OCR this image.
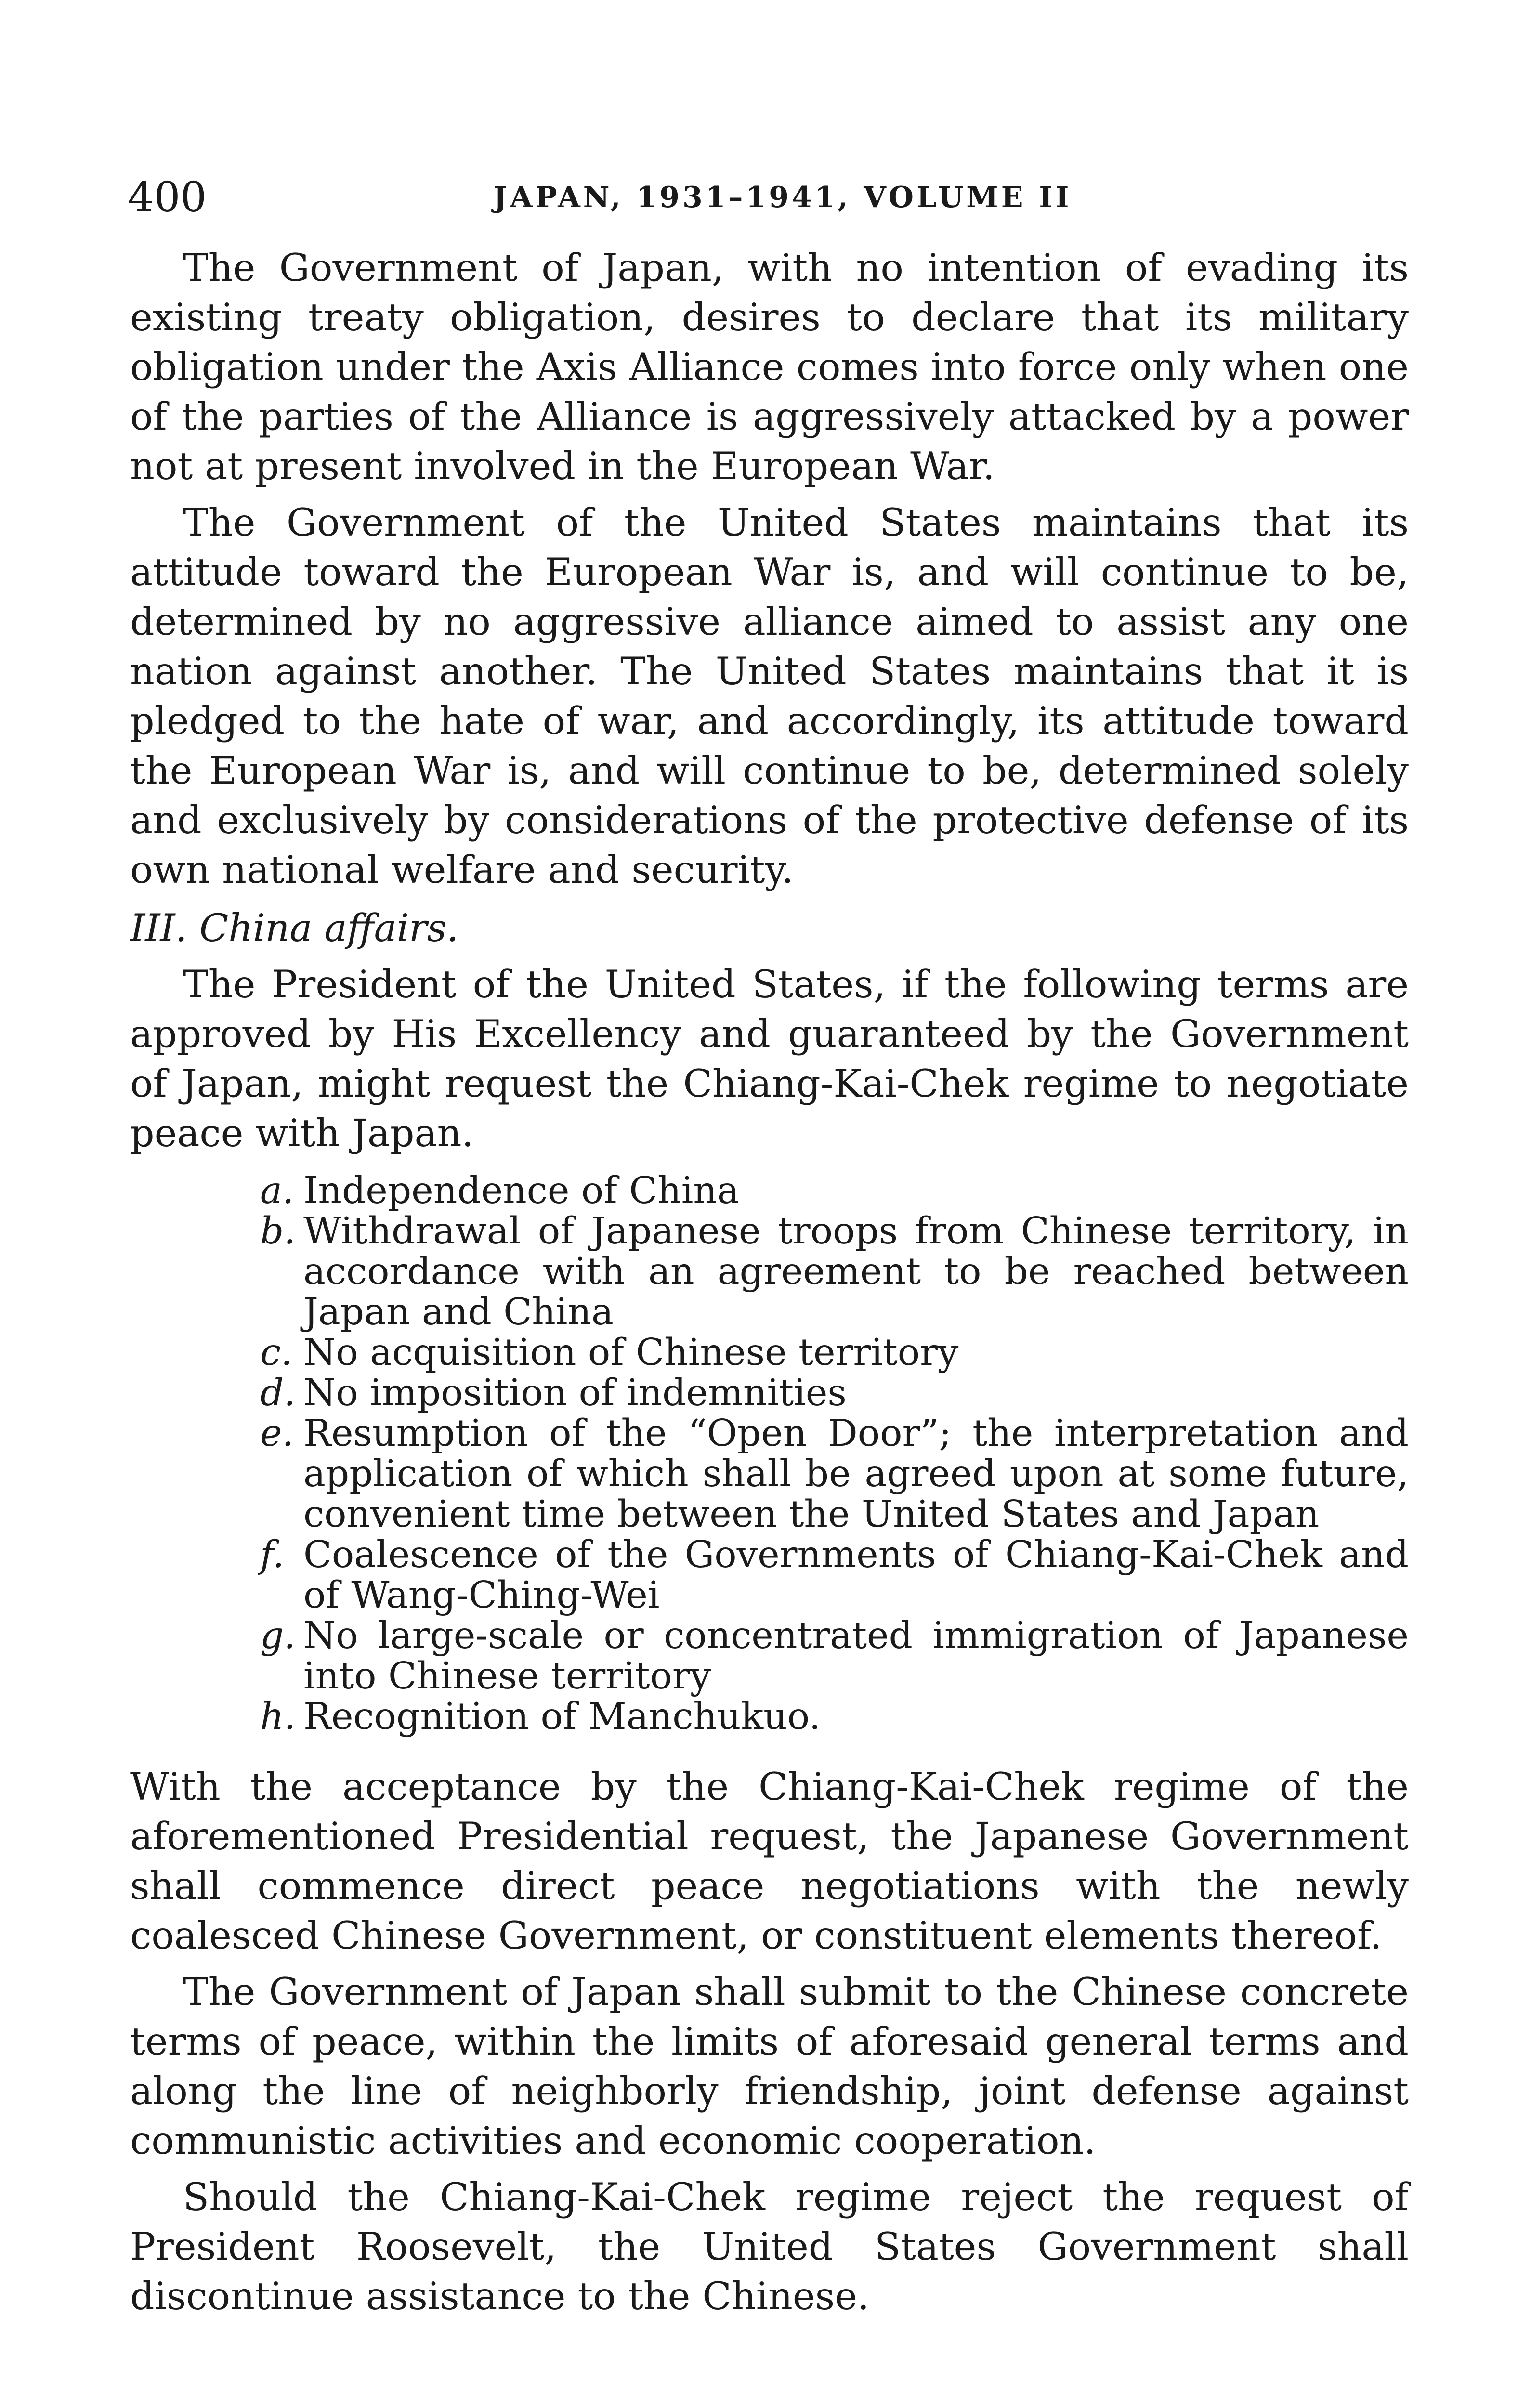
400	JAPAN, 1931–1941, VOLUME II

The Government of Japan, with no intention of evading its existing treaty obligation, desires to declare that its military obligation under the Axis Alliance comes into force only when one of the parties of the Alliance is aggressively attacked by a power not at present involved in the European War.

The Government of the United States maintains that its attitude toward the European War is, and will continue to be, determined by no aggressive alliance aimed to assist any one nation against another. The United States maintains that it is pledged to the hate of war, and accordingly, its attitude toward the European War is, and will continue to be, determined solely and exclusively by considerations of the protective defense of its own national welfare and security.

III. China affairs.

The President of the United States, if the following terms are approved by His Excellency and guaranteed by the Government of Japan, might request the Chiang-Kai-Chek regime to negotiate peace with Japan.

a. Independence of China
b. Withdrawal of Japanese troops from Chinese territory, in accordance with an agreement to be reached between Japan and China
c. No acquisition of Chinese territory
d. No imposition of indemnities
e. Resumption of the “Open Door”; the interpretation and application of which shall be agreed upon at some future, convenient time between the United States and Japan
f. Coalescence of the Governments of Chiang-Kai-Chek and of Wang-Ching-Wei
g. No large-scale or concentrated immigration of Japanese into Chinese territory
h. Recognition of Manchukuo.

With the acceptance by the Chiang-Kai-Chek regime of the aforementioned Presidential request, the Japanese Government shall commence direct peace negotiations with the newly coalesced Chinese Government, or constituent elements thereof.

The Government of Japan shall submit to the Chinese concrete terms of peace, within the limits of aforesaid general terms and along the line of neighborly friendship, joint defense against communistic activities and economic cooperation.

Should the Chiang-Kai-Chek regime reject the request of President Roosevelt, the United States Government shall discontinue assistance to the Chinese.
